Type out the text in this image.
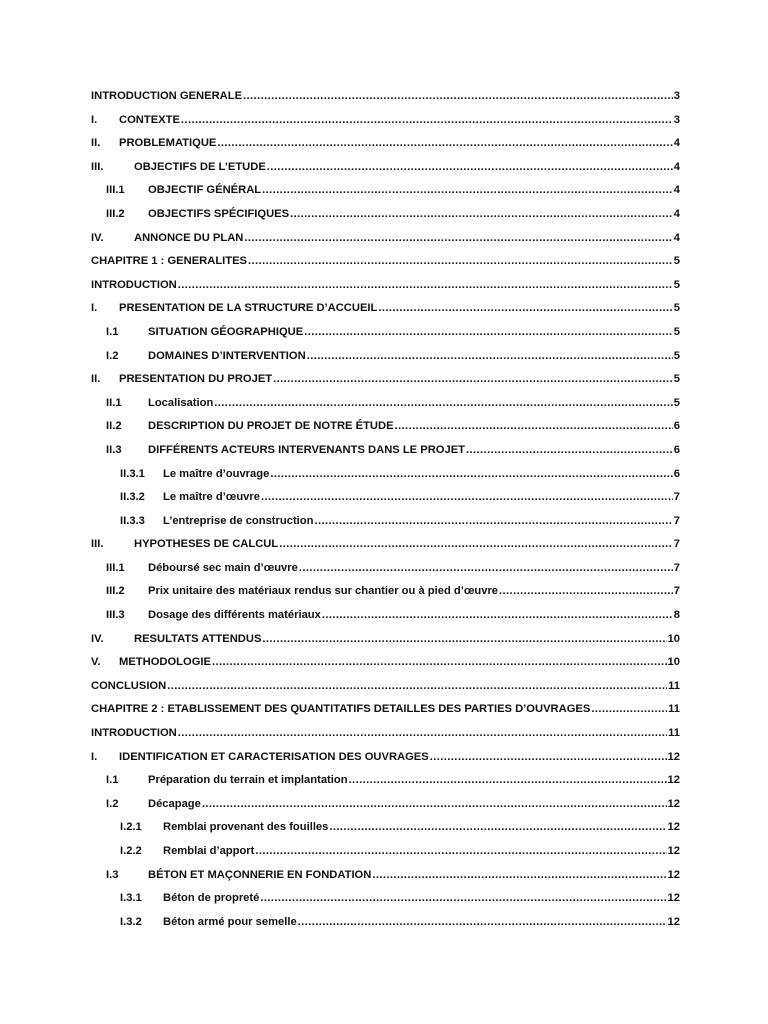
INTRODUCTION GENERALE .....	3
I.	CONTEXTE .....	3
II.	PROBLEMATIQUE .....	4
III.	OBJECTIFS DE L’ETUDE .....	4
III.1	OBJECTIF GÉNÉRAL .....	4
III.2	OBJECTIFS SPÉCIFIQUES .....	4
IV.	ANNONCE DU PLAN .....	4
CHAPITRE 1 : GENERALITES .....	5
INTRODUCTION .....	5
I.	PRESENTATION DE LA STRUCTURE D’ACCUEIL .....	5
I.1	SITUATION GÉOGRAPHIQUE .....	5
I.2	DOMAINES D’INTERVENTION .....	5
II.	PRESENTATION DU PROJET .....	5
II.1	Localisation .....	5
II.2	DESCRIPTION DU PROJET DE NOTRE ÉTUDE .....	6
II.3	DIFFÉRENTS ACTEURS INTERVENANTS DANS LE PROJET .....	6
II.3.1	Le maître d’ouvrage .....	6
II.3.2	Le maître d’œuvre .....	7
II.3.3	L’entreprise de construction .....	7
III.	HYPOTHESES DE CALCUL .....	7
III.1	Déboursé sec main d’œuvre .....	7
III.2	Prix unitaire des matériaux rendus sur chantier ou à pied d’œuvre .....	7
III.3	Dosage des différents matériaux .....	8
IV.	RESULTATS ATTENDUS .....	10
V.	METHODOLOGIE .....	10
CONCLUSION .....	11
CHAPITRE 2 : ETABLISSEMENT DES QUANTITATIFS DETAILLES DES PARTIES D’OUVRAGES .....	11
INTRODUCTION .....	11
I.	IDENTIFICATION ET CARACTERISATION DES OUVRAGES .....	12
I.1	Préparation du terrain et implantation .....	12
I.2	Décapage .....	12
I.2.1	Remblai provenant des fouilles .....	12
I.2.2	Remblai d’apport .....	12
I.3	BÉTON ET MAÇONNERIE EN FONDATION .....	12
I.3.1	Béton de propreté .....	12
I.3.2	Béton armé pour semelle .....	12
